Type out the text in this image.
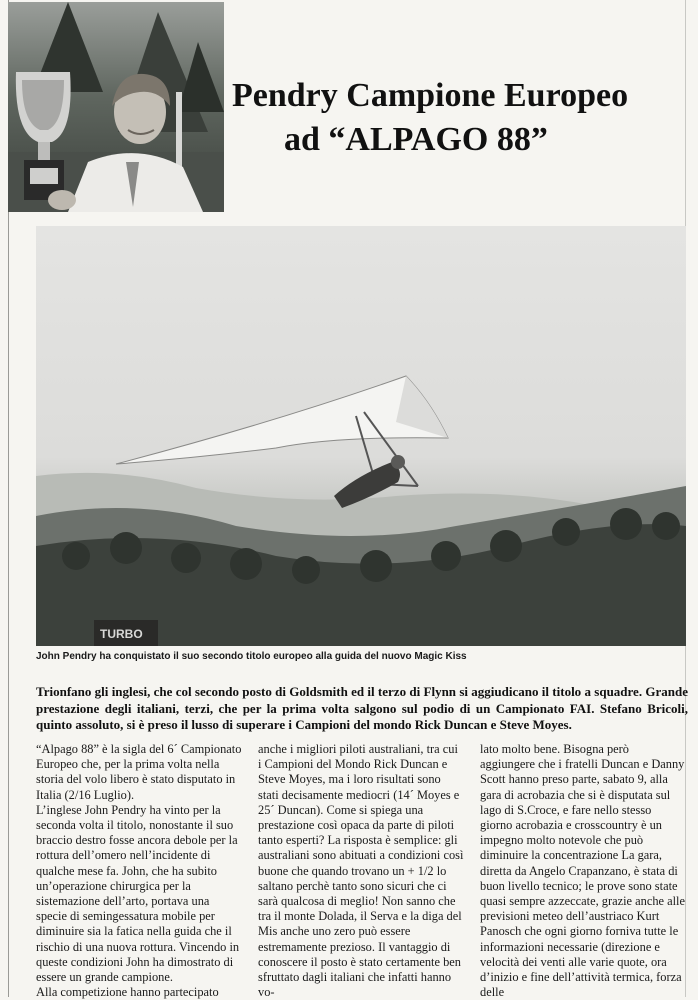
Pendry Campione Europeo
ad “ALPAGO 88”
TURBO
John Pendry ha conquistato il suo secondo titolo europeo alla guida del nuovo Magic Kiss
Trionfano gli inglesi, che col secondo posto di Goldsmith ed il terzo di Flynn si aggiudicano il titolo a squadre. Grande prestazione degli italiani, terzi, che per la prima volta salgono sul podio di un Campionato FAI. Stefano Bricoli, quinto assoluto, si è preso il lusso di superare i Campioni del mondo Rick Duncan e Steve Moyes.

“Alpago 88” è la sigla del 6´ Campionato Europeo che, per la prima volta nella storia del volo libero è stato disputato in Italia (2/16 Luglio).

L’inglese John Pendry ha vinto per la seconda volta il titolo, nonostante il suo braccio destro fosse ancora debole per la rottura dell’omero nell’incidente di qualche mese fa. John, che ha subito un’operazione chirurgica per la sistemazione dell’arto, portava una specie di semingessatura mobile per diminuire sia la fatica nella guida che il rischio di una nuova rottura. Vincendo in queste condizioni John ha dimostrato di essere un grande campione.

Alla competizione hanno partecipato

anche i migliori piloti australiani, tra cui i Campioni del Mondo Rick Duncan e Steve Moyes, ma i loro risultati sono stati decisamente mediocri (14´ Moyes e 25´ Duncan). Come si spiega una prestazione così opaca da parte di piloti tanto esperti? La risposta è semplice: gli australiani sono abituati a condizioni così buone che quando trovano un + 1/2 lo saltano perchè tanto sono sicuri che ci sarà qualcosa di meglio! Non sanno che tra il monte Dolada, il Serva e la diga del Mis anche uno zero può essere estremamente prezioso. Il vantaggio di conoscere il posto è stato certamente ben sfruttato dagli italiani che infatti hanno vo-

lato molto bene. Bisogna però aggiungere che i fratelli Duncan e Danny Scott hanno preso parte, sabato 9, alla gara di acrobazia che si è disputata sul lago di S.Croce, e fare nello stesso giorno acrobazia e crosscountry è un impegno molto notevole che può diminuire la concentrazione La gara, diretta da Angelo Crapanzano, è stata di buon livello tecnico; le prove sono state quasi sempre azzeccate, grazie anche alle previsioni meteo dell’austriaco Kurt Panosch che ogni giorno forniva tutte le informazioni necessarie (direzione e velocità dei venti alle varie quote, ora d’inizio e fine dell’attività termica, forza delle
